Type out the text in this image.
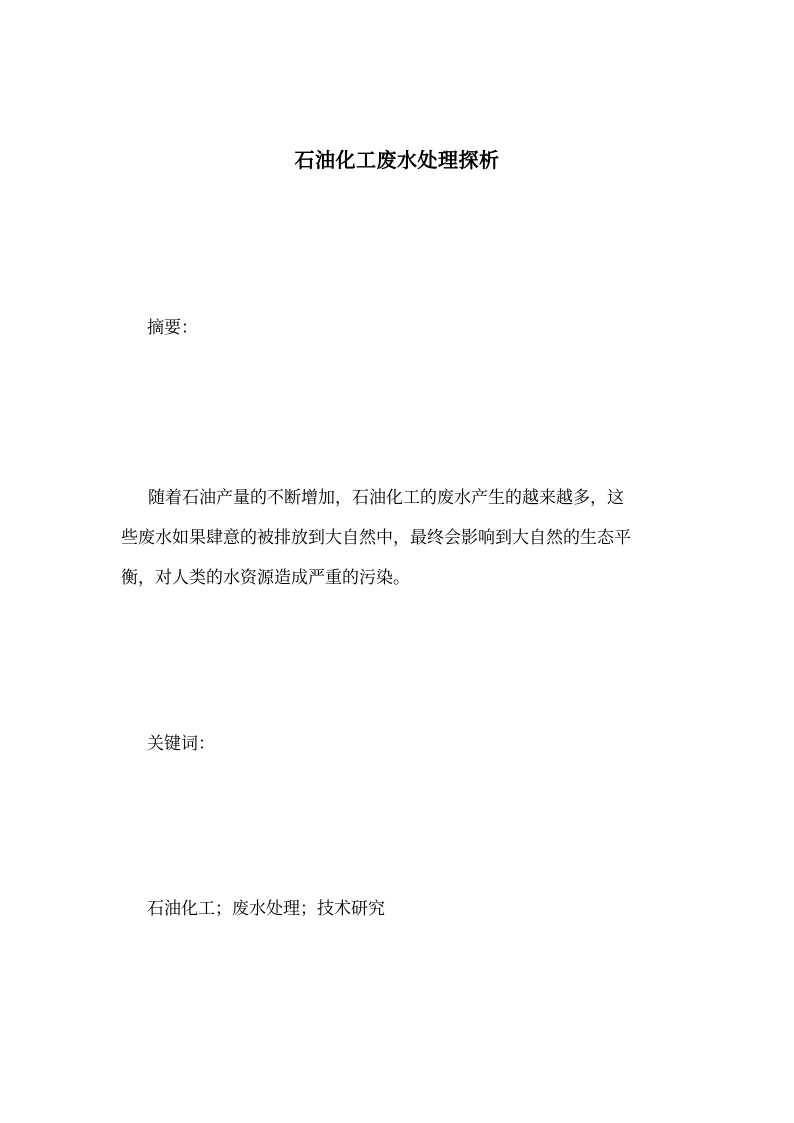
石油化工废水处理探析
摘要：
随着石油产量的不断增加，石油化工的废水产生的越来越多，这
些废水如果肆意的被排放到大自然中，最终会影响到大自然的生态平
衡，对人类的水资源造成严重的污染。
关键词：
石油化工；废水处理；技术研究
